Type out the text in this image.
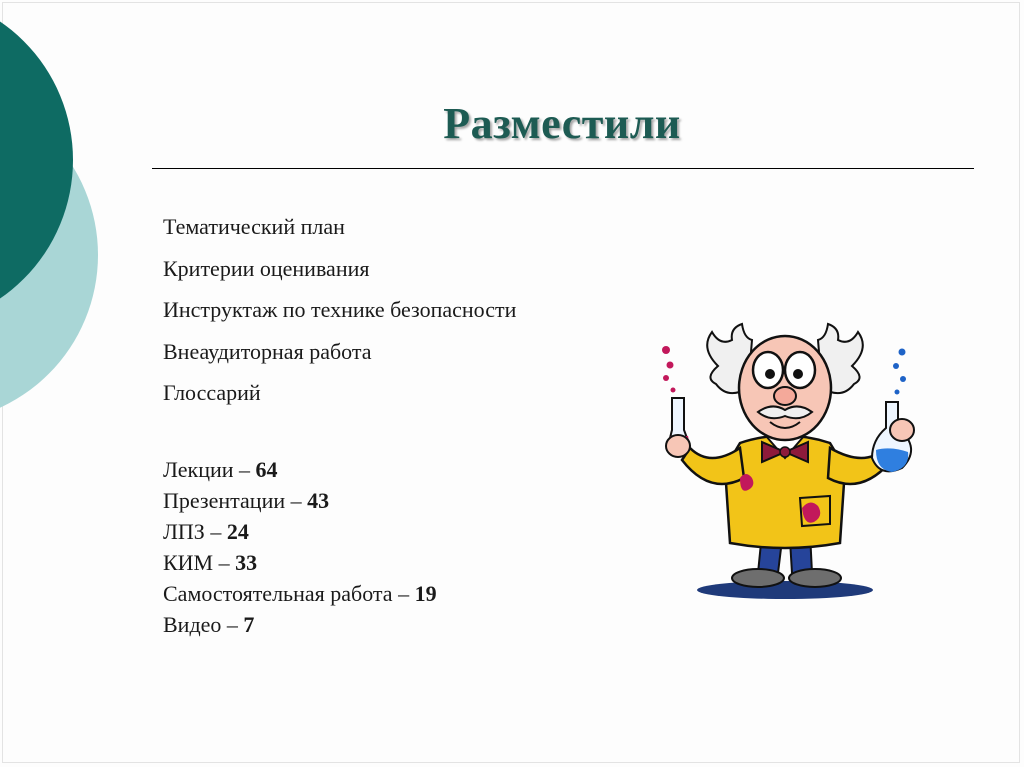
Разместили
Тематический план
Критерии оценивания
Инструктаж по технике безопасности
Внеаудиторная работа
Глоссарий
Лекции – 64
Презентации – 43
ЛПЗ – 24
КИМ – 33
Самостоятельная работа – 19
Видео – 7
